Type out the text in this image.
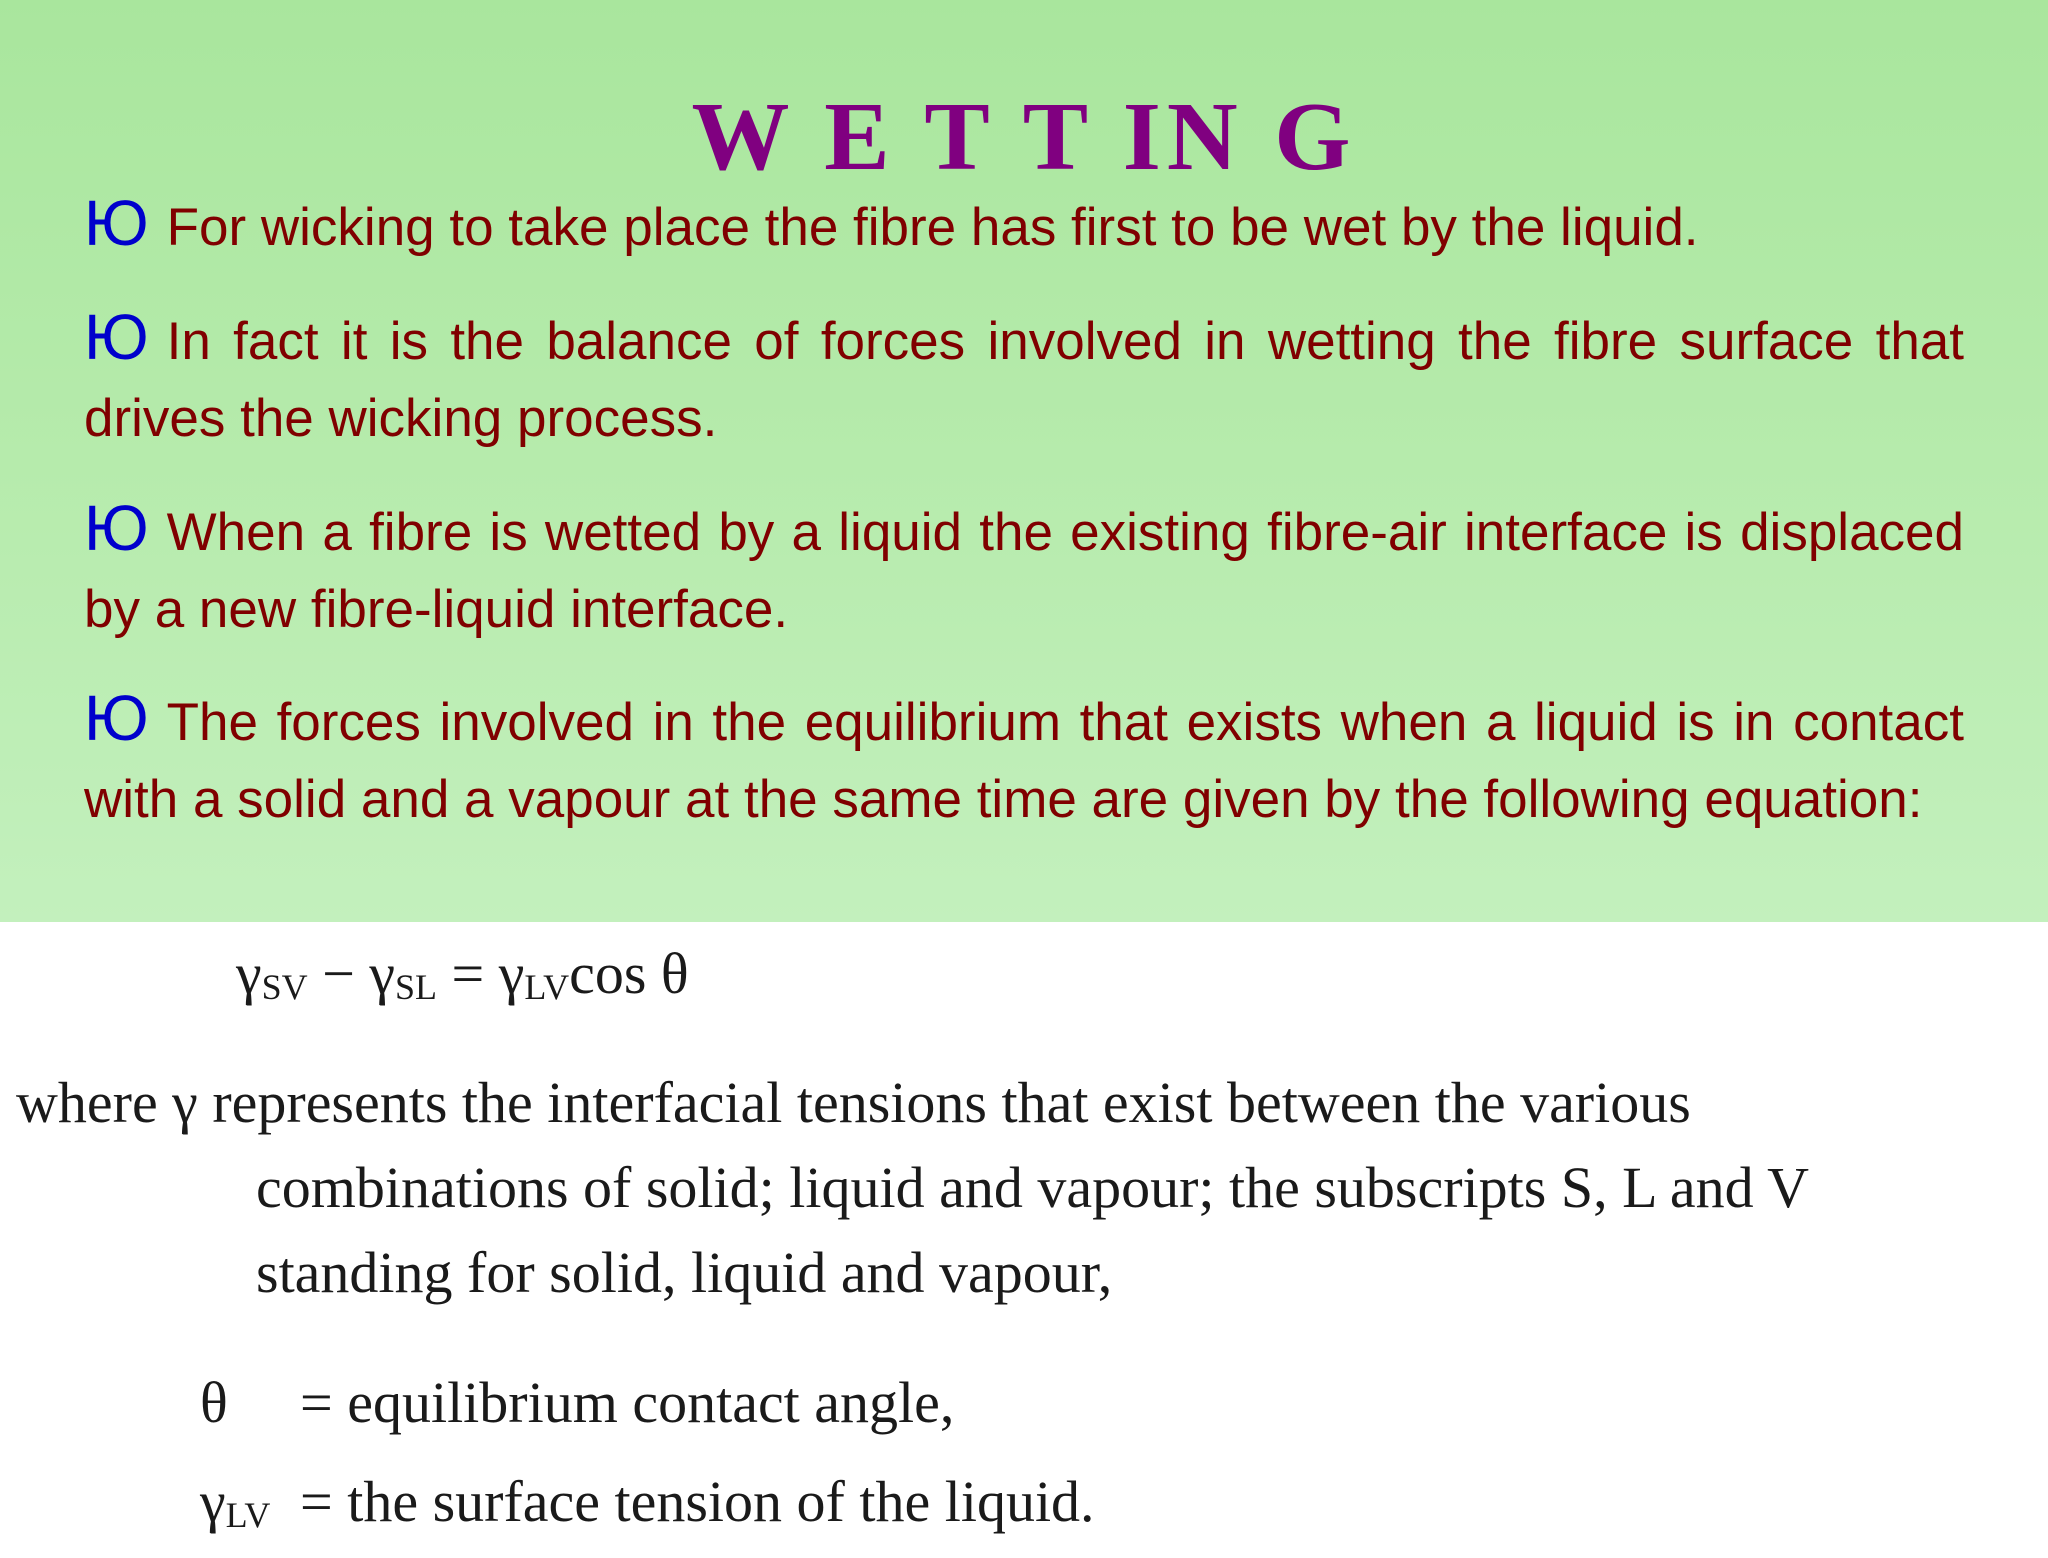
W E T T IN G
Ю For wicking to take place the fibre has first to be wet by the liquid.
Ю In fact it is the balance of forces involved in wetting the fibre surface that drives the wicking process.
Ю When a fibre is wetted by a liquid the existing fibre-air interface is displaced by a new fibre-liquid interface.
Ю The forces involved in the equilibrium that exists when a liquid is in contact with a solid and a vapour at the same time are given by the following equation:
$\gamma_{SV} - \gamma_{SL} = \gamma_{LV}\cos$ θ
where γ represents the interfacial tensions that exist between the various
combinations of solid; liquid and vapour; the subscripts S, L and V
standing for solid, liquid and vapour,
θ	= equilibrium contact angle,
$\gamma_{LV}$ = the surface tension of the liquid.
